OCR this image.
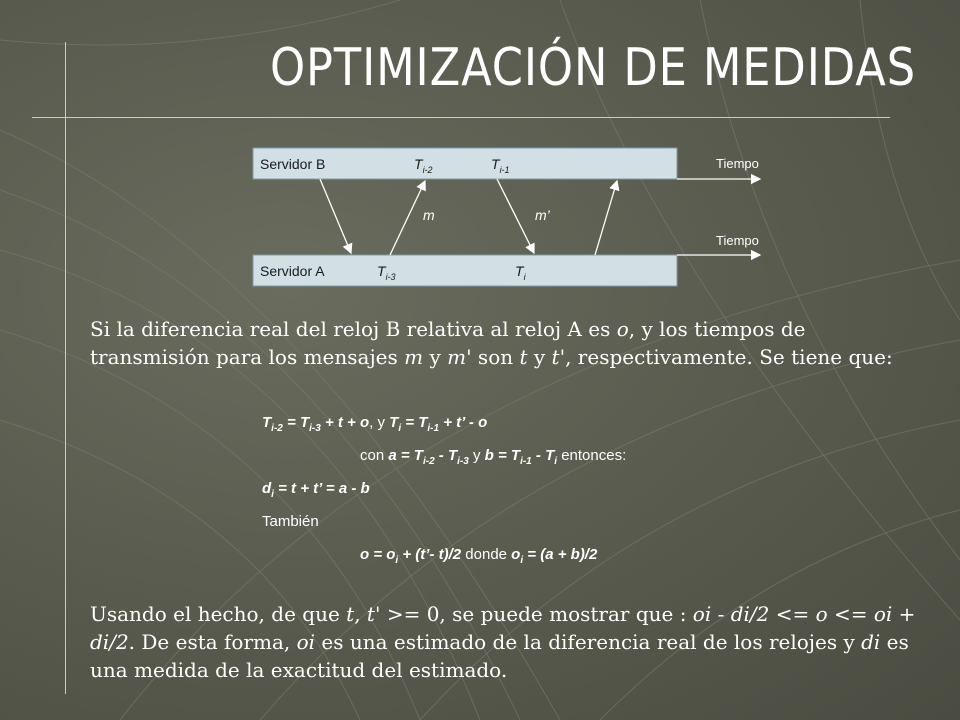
OPTIMIZACIÓN DE MEDIDAS
Servidor B	$T_{i-2}$	$T_{i-1}$
Servidor A	$T_{i-3}$	$T_i$
Tiempo
Tiempo
m	m’

Si la diferencia real del reloj B relativa al reloj A es o, y los tiempos de transmisión para los mensajes m y m' son t y t', respectivamente. Se tiene que:

$T_{i-2} = T_{i-3} + t + o$, y $T_i = T_{i-1} + t$’ - o
con $a = T_{i-2} - T_{i-3}$ y $b = T_{i-1} - T_i$ entonces:
$d_i = t + t$’ = a - b
También
$o = o_i$ + (t’- t)/2 donde $o_i = (a + b)/2$

Usando el hecho, de que t, t' >= 0, se puede mostrar que : oi - di/2 <= o <= oi + di/2. De esta forma, oi es una estimado de la diferencia real de los relojes y di es una medida de la exactitud del estimado.
